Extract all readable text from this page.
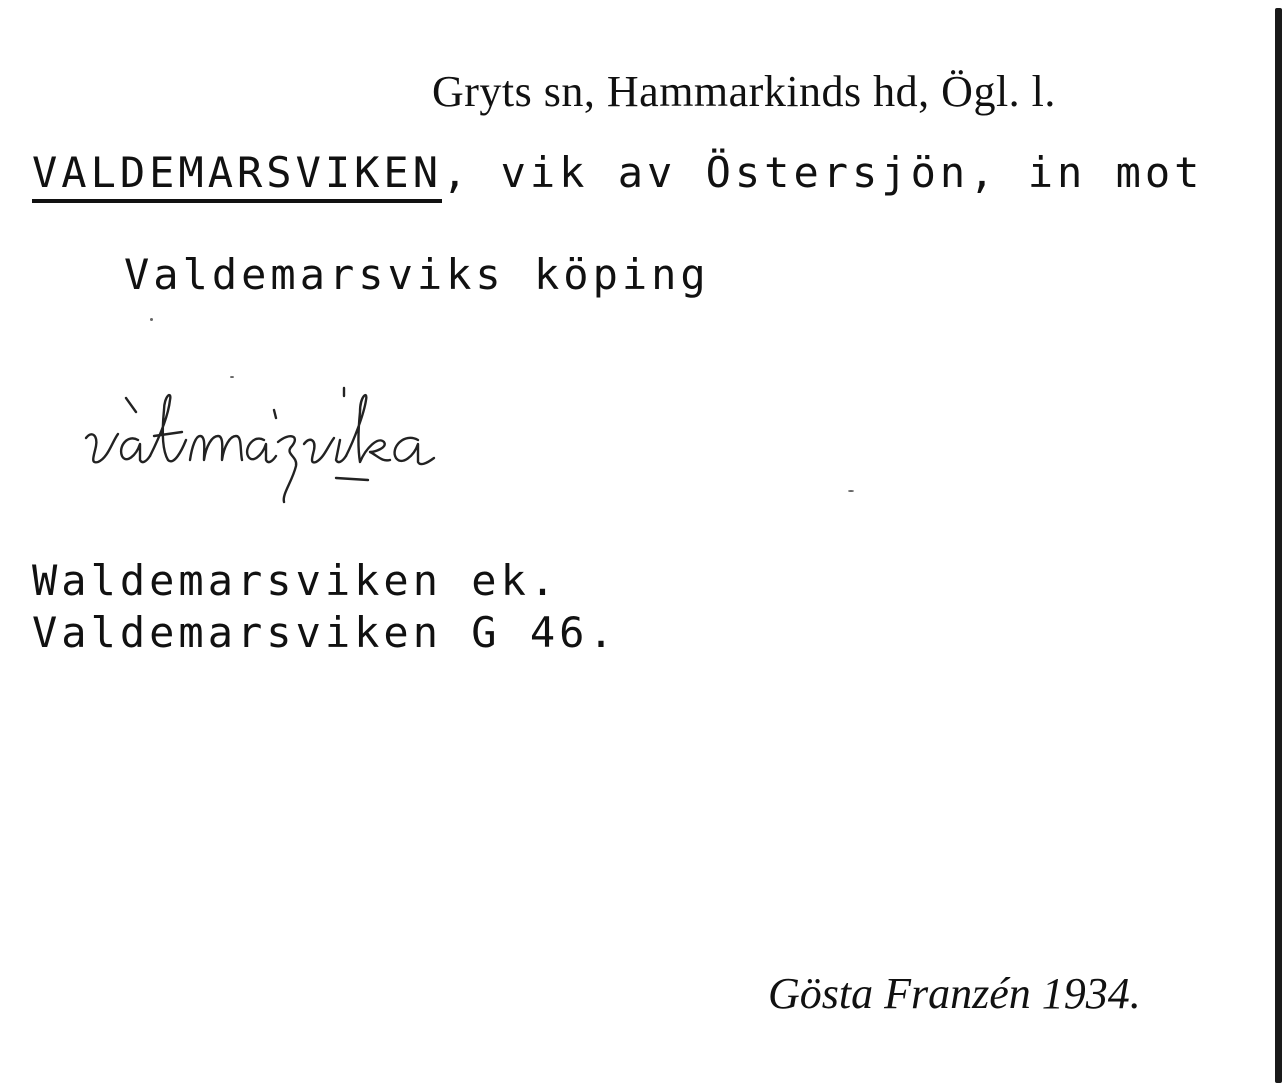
Gryts sn, Hammarkinds hd, Ögl. l.
VALDEMARSVIKEN, vik av Östersjön, in mot
Valdemarsviks köping
Waldemarsviken ek.
Valdemarsviken G 46.
Gösta Franzén 1934.
